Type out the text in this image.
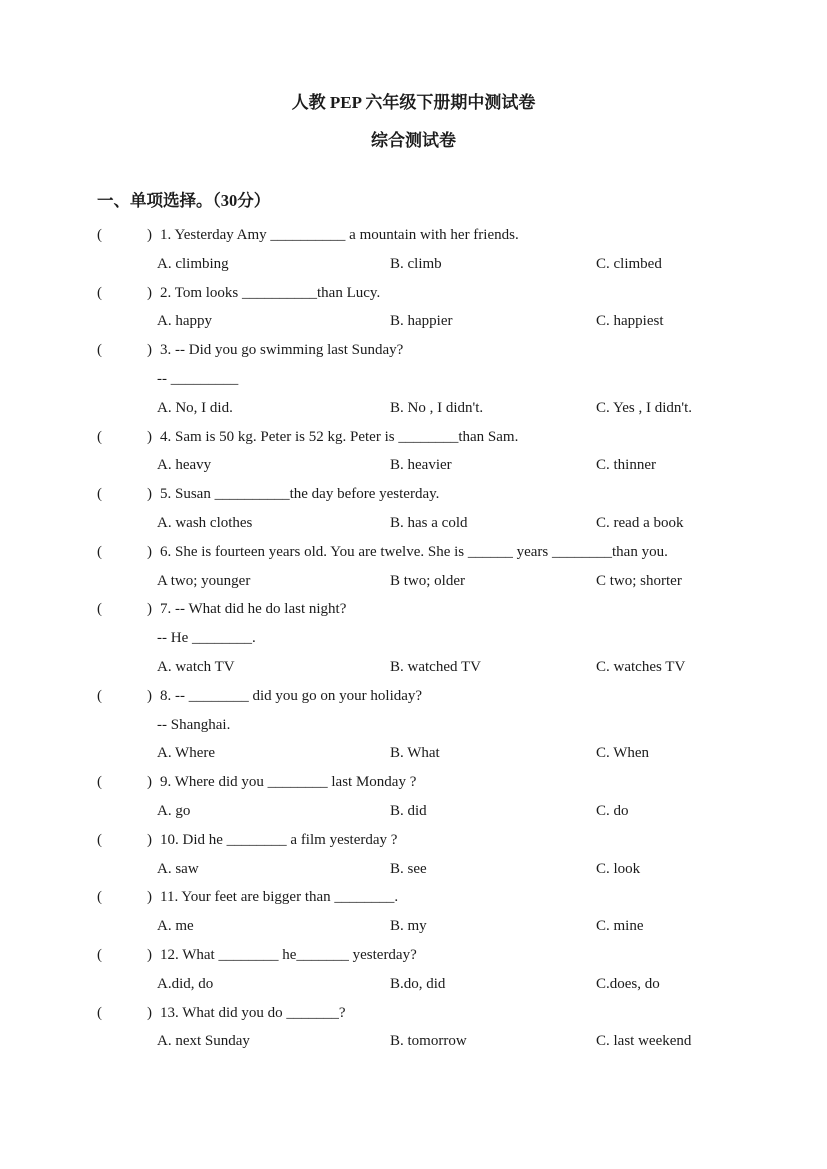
人教 PEP 六年级下册期中测试卷
综合测试卷
一、单项选择。（30分）
(	) 1. Yesterday Amy __________ a mountain with her friends.
A. climbing	B. climb	C. climbed
(	) 2. Tom looks __________than Lucy.
A. happy	B. happier	C. happiest
(	) 3. -- Did you go swimming last Sunday?
-- _________
A. No, I did.	B. No , I didn't.	C. Yes , I didn't.
(	) 4. Sam is 50 kg. Peter is 52 kg. Peter is ________than Sam.
A. heavy	B. heavier	C. thinner
(	) 5. Susan __________the day before yesterday.
A. wash clothes	B. has a cold	C. read a book
(	) 6. She is fourteen years old. You are twelve. She is ______ years ________than you.
A two; younger	B two; older	C two; shorter
(	) 7. -- What did he do last night?
-- He ________.
A. watch TV	B. watched TV	C. watches TV
(	) 8. -- ________ did you go on your holiday?
-- Shanghai.
A. Where	B. What	C. When
(	) 9. Where did you ________ last Monday ?
A. go	B. did	C. do
(	) 10. Did he ________ a film yesterday ?
A. saw	B. see	C. look
(	) 11. Your feet are bigger than ________.
A. me	B. my	C. mine
(	) 12. What ________ he_______ yesterday?
A.did, do	B.do, did	C.does, do
(	) 13. What did you do _______?
A. next Sunday	B. tomorrow	C. last weekend
